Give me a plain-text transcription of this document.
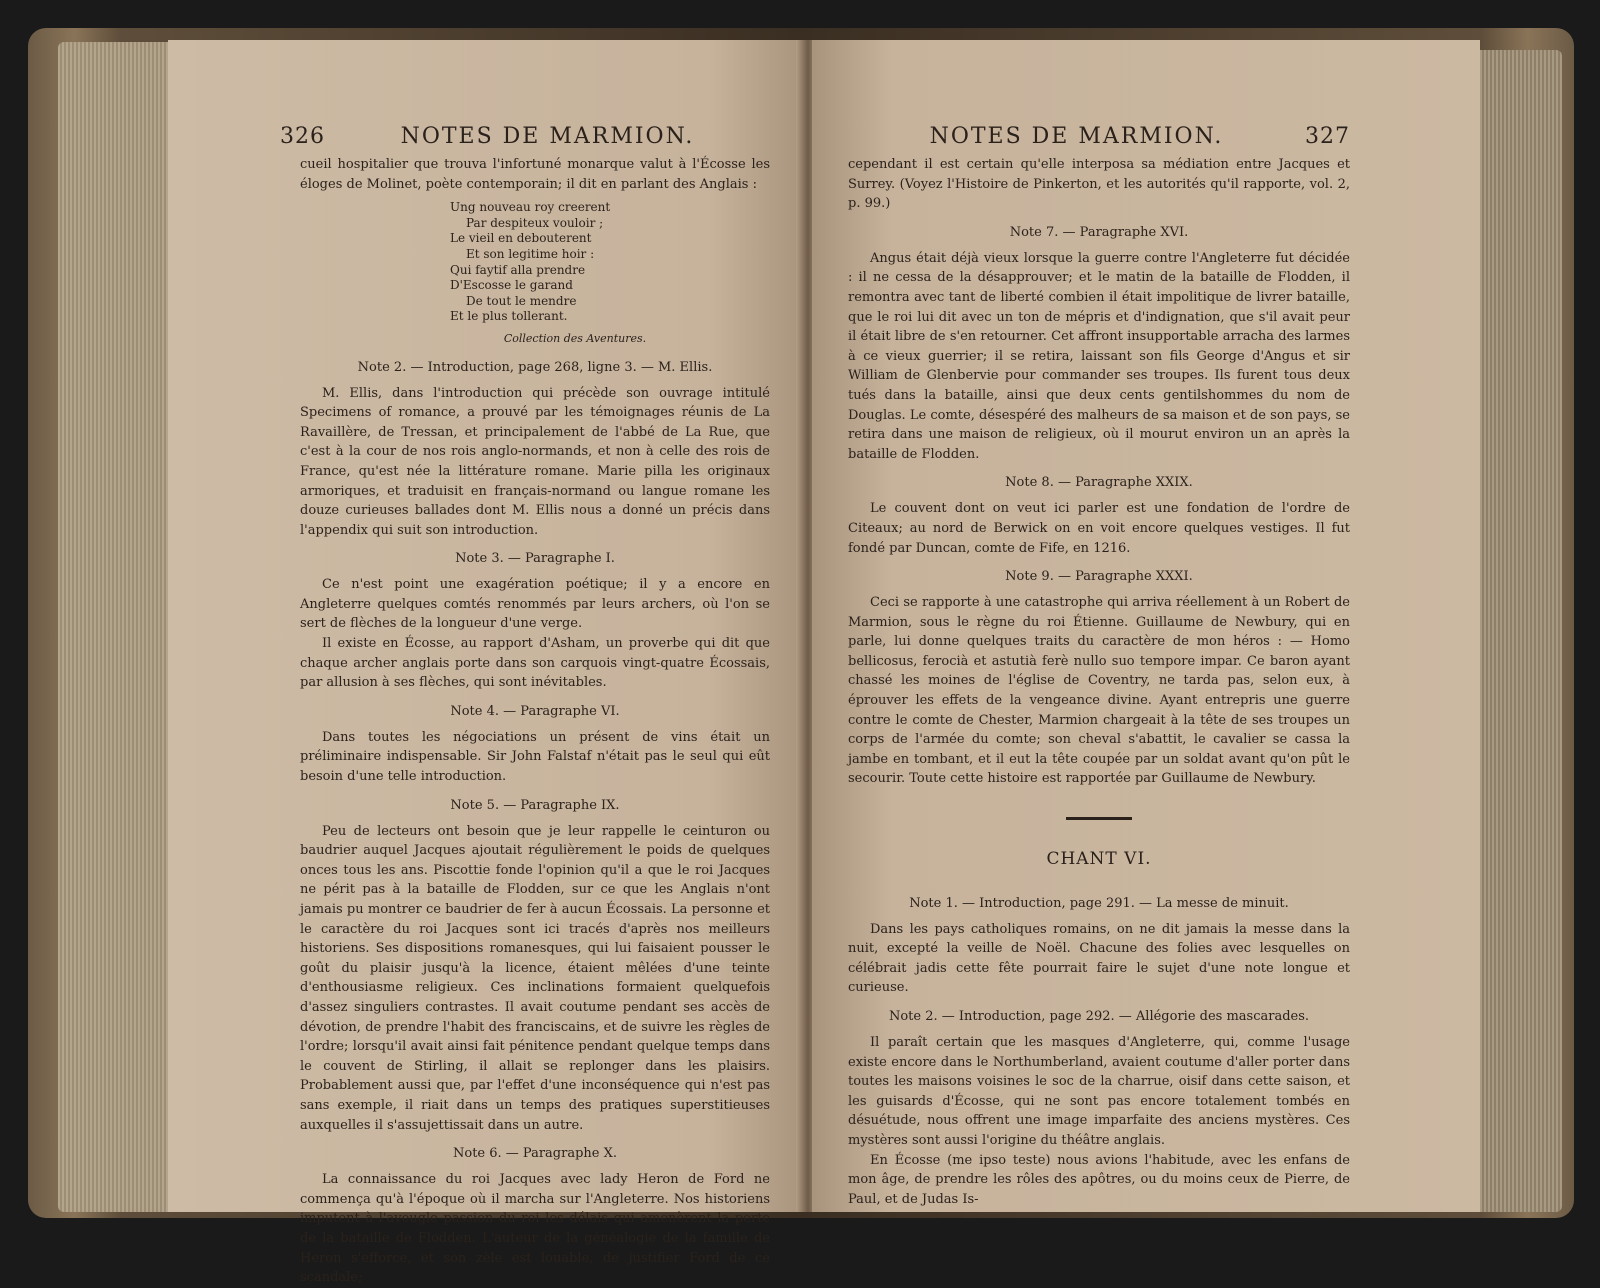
326	NOTES DE MARMION.

cueil hospitalier que trouva l'infortuné monarque valut à l'Écosse les éloges de Molinet, poète contemporain; il dit en parlant des Anglais :

Ung nouveau roy creerent
Par despiteux vouloir ;
Le vieil en debouterent
Et son legitime hoir :
Qui faytif alla prendre
D'Escosse le garand
De tout le mendre
Et le plus tollerant.
Collection des Aventures.
Note 2. — Introduction, page 268, ligne 3. — M. Ellis.

M. Ellis, dans l'introduction qui précède son ouvrage intitulé Specimens of romance, a prouvé par les témoignages réunis de La Ravaillère, de Tressan, et principalement de l'abbé de La Rue, que c'est à la cour de nos rois anglo-normands, et non à celle des rois de France, qu'est née la littérature romane. Marie pilla les originaux armoriques, et traduisit en français-normand ou langue romane les douze curieuses ballades dont M. Ellis nous a donné un précis dans l'appendix qui suit son introduction.

Note 3. — Paragraphe I.

Ce n'est point une exagération poétique; il y a encore en Angleterre quelques comtés renommés par leurs archers, où l'on se sert de flèches de la longueur d'une verge.

Il existe en Écosse, au rapport d'Asham, un proverbe qui dit que chaque archer anglais porte dans son carquois vingt-quatre Écossais, par allusion à ses flèches, qui sont inévitables.

Note 4. — Paragraphe VI.

Dans toutes les négociations un présent de vins était un préliminaire indispensable. Sir John Falstaf n'était pas le seul qui eût besoin d'une telle introduction.

Note 5. — Paragraphe IX.

Peu de lecteurs ont besoin que je leur rappelle le ceinturon ou baudrier auquel Jacques ajoutait régulièrement le poids de quelques onces tous les ans. Piscottie fonde l'opinion qu'il a que le roi Jacques ne périt pas à la bataille de Flodden, sur ce que les Anglais n'ont jamais pu montrer ce baudrier de fer à aucun Écossais. La personne et le caractère du roi Jacques sont ici tracés d'après nos meilleurs historiens. Ses dispositions romanesques, qui lui faisaient pousser le goût du plaisir jusqu'à la licence, étaient mêlées d'une teinte d'enthousiasme religieux. Ces inclinations formaient quelquefois d'assez singuliers contrastes. Il avait coutume pendant ses accès de dévotion, de prendre l'habit des franciscains, et de suivre les règles de l'ordre; lorsqu'il avait ainsi fait pénitence pendant quelque temps dans le couvent de Stirling, il allait se replonger dans les plaisirs. Probablement aussi que, par l'effet d'une inconséquence qui n'est pas sans exemple, il riait dans un temps des pratiques superstitieuses auxquelles il s'assujettissait dans un autre.

Note 6. — Paragraphe X.

La connaissance du roi Jacques avec lady Heron de Ford ne commença qu'à l'époque où il marcha sur l'Angleterre. Nos historiens imputent à l'aveugle passion du roi les délais qui amenèrent la perte de la bataille de Flodden. L'auteur de la généalogie de la famille de Heron s'efforce, et son zèle est louable, de justifier Ford de ce scandale;

NOTES DE MARMION.	327

cependant il est certain qu'elle interposa sa médiation entre Jacques et Surrey. (Voyez l'Histoire de Pinkerton, et les autorités qu'il rapporte, vol. 2, p. 99.)

Note 7. — Paragraphe XVI.

Angus était déjà vieux lorsque la guerre contre l'Angleterre fut décidée : il ne cessa de la désapprouver; et le matin de la bataille de Flodden, il remontra avec tant de liberté combien il était impolitique de livrer bataille, que le roi lui dit avec un ton de mépris et d'indignation, que s'il avait peur il était libre de s'en retourner. Cet affront insupportable arracha des larmes à ce vieux guerrier; il se retira, laissant son fils George d'Angus et sir William de Glenbervie pour commander ses troupes. Ils furent tous deux tués dans la bataille, ainsi que deux cents gentilshommes du nom de Douglas. Le comte, désespéré des malheurs de sa maison et de son pays, se retira dans une maison de religieux, où il mourut environ un an après la bataille de Flodden.

Note 8. — Paragraphe XXIX.

Le couvent dont on veut ici parler est une fondation de l'ordre de Citeaux; au nord de Berwick on en voit encore quelques vestiges. Il fut fondé par Duncan, comte de Fife, en 1216.

Note 9. — Paragraphe XXXI.

Ceci se rapporte à une catastrophe qui arriva réellement à un Robert de Marmion, sous le règne du roi Étienne. Guillaume de Newbury, qui en parle, lui donne quelques traits du caractère de mon héros : — Homo bellicosus, ferocià et astutià ferè nullo suo tempore impar. Ce baron ayant chassé les moines de l'église de Coventry, ne tarda pas, selon eux, à éprouver les effets de la vengeance divine. Ayant entrepris une guerre contre le comte de Chester, Marmion chargeait à la tête de ses troupes un corps de l'armée du comte; son cheval s'abattit, le cavalier se cassa la jambe en tombant, et il eut la tête coupée par un soldat avant qu'on pût le secourir. Toute cette histoire est rapportée par Guillaume de Newbury.

CHANT VI.
Note 1. — Introduction, page 291. — La messe de minuit.

Dans les pays catholiques romains, on ne dit jamais la messe dans la nuit, excepté la veille de Noël. Chacune des folies avec lesquelles on célébrait jadis cette fête pourrait faire le sujet d'une note longue et curieuse.

Note 2. — Introduction, page 292. — Allégorie des mascarades.

Il paraît certain que les masques d'Angleterre, qui, comme l'usage existe encore dans le Northumberland, avaient coutume d'aller porter dans toutes les maisons voisines le soc de la charrue, oisif dans cette saison, et les guisards d'Écosse, qui ne sont pas encore totalement tombés en désuétude, nous offrent une image imparfaite des anciens mystères. Ces mystères sont aussi l'origine du théâtre anglais.

En Écosse (me ipso teste) nous avions l'habitude, avec les enfans de mon âge, de prendre les rôles des apôtres, ou du moins ceux de Pierre, de Paul, et de Judas Is-
